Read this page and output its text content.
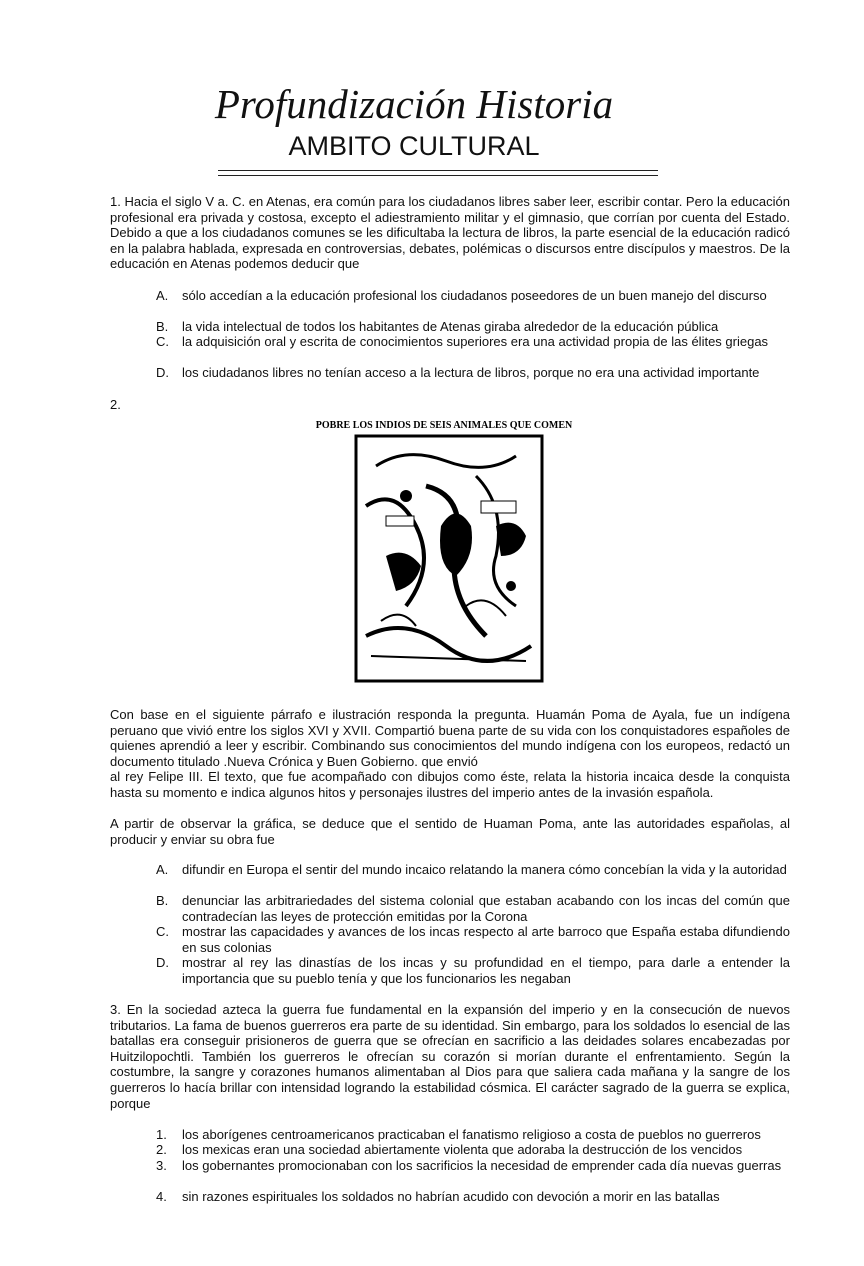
Profundización Historia
AMBITO CULTURAL

1. Hacia el siglo V a. C. en Atenas, era común para los ciudadanos libres saber leer, escribir contar. Pero la educación profesional era privada y costosa, excepto el adiestramiento militar y el gimnasio, que corrían por cuenta del Estado. Debido a que a los ciudadanos comunes se les dificultaba la lectura de libros, la parte esencial de la educación radicó en la palabra hablada, expresada en controversias, debates, polémicas o discursos entre discípulos y maestros. De la educación en Atenas podemos deducir que

A.	sólo accedían a la educación profesional los ciudadanos poseedores de un buen manejo del discurso
B.	la vida intelectual de todos los habitantes de Atenas giraba alrededor de la educación pública
C.	la adquisición oral y escrita de conocimientos superiores era una actividad propia de las élites griegas
D.	los ciudadanos libres no tenían acceso a la lectura de libros, porque no era una actividad importante
2.
POBRE LOS INDIOS DE SEIS ANIMALES QUE COMEN

Con base en el siguiente párrafo e ilustración responda la pregunta. Huamán Poma de Ayala, fue un indígena peruano que vivió entre los siglos XVI y XVII. Compartió buena parte de su vida con los conquistadores españoles de quienes aprendió a leer y escribir. Combinando sus conocimientos del mundo indígena con los europeos, redactó un documento titulado .Nueva Crónica y Buen Gobierno. que envió

al rey Felipe III. El texto, que fue acompañado con dibujos como éste, relata la historia incaica desde la conquista hasta su momento e indica algunos hitos y personajes ilustres del imperio antes de la invasión española.

A partir de observar la gráfica, se deduce que el sentido de Huaman Poma, ante las autoridades españolas, al producir y enviar su obra fue

A.	difundir en Europa el sentir del mundo incaico relatando la manera cómo concebían la vida y la autoridad
B.	denunciar las arbitrariedades del sistema colonial que estaban acabando con los incas del común que contradecían las leyes de protección emitidas por la Corona
C.	mostrar las capacidades y avances de los incas respecto al arte barroco que España estaba difundiendo en sus colonias
D.	mostrar al rey las dinastías de los incas y su profundidad en el tiempo, para darle a entender la importancia que su pueblo tenía y que los funcionarios les negaban

3. En la sociedad azteca la guerra fue fundamental en la expansión del imperio y en la consecución de nuevos tributarios. La fama de buenos guerreros era parte de su identidad. Sin embargo, para los soldados lo esencial de las batallas era conseguir prisioneros de guerra que se ofrecían en sacrificio a las deidades solares encabezadas por Huitzilopochtli. También los guerreros le ofrecían su corazón si morían durante el enfrentamiento. Según la costumbre, la sangre y corazones humanos alimentaban al Dios para que saliera cada mañana y la sangre de los guerreros lo hacía brillar con intensidad logrando la estabilidad cósmica. El carácter sagrado de la guerra se explica, porque

1.	los aborígenes centroamericanos practicaban el fanatismo religioso a costa de pueblos no guerreros
2.	los mexicas eran una sociedad abiertamente violenta que adoraba la destrucción de los vencidos
3.	los gobernantes promocionaban con los sacrificios la necesidad de emprender cada día nuevas guerras
4.	sin razones espirituales los soldados no habrían acudido con devoción a morir en las batallas
